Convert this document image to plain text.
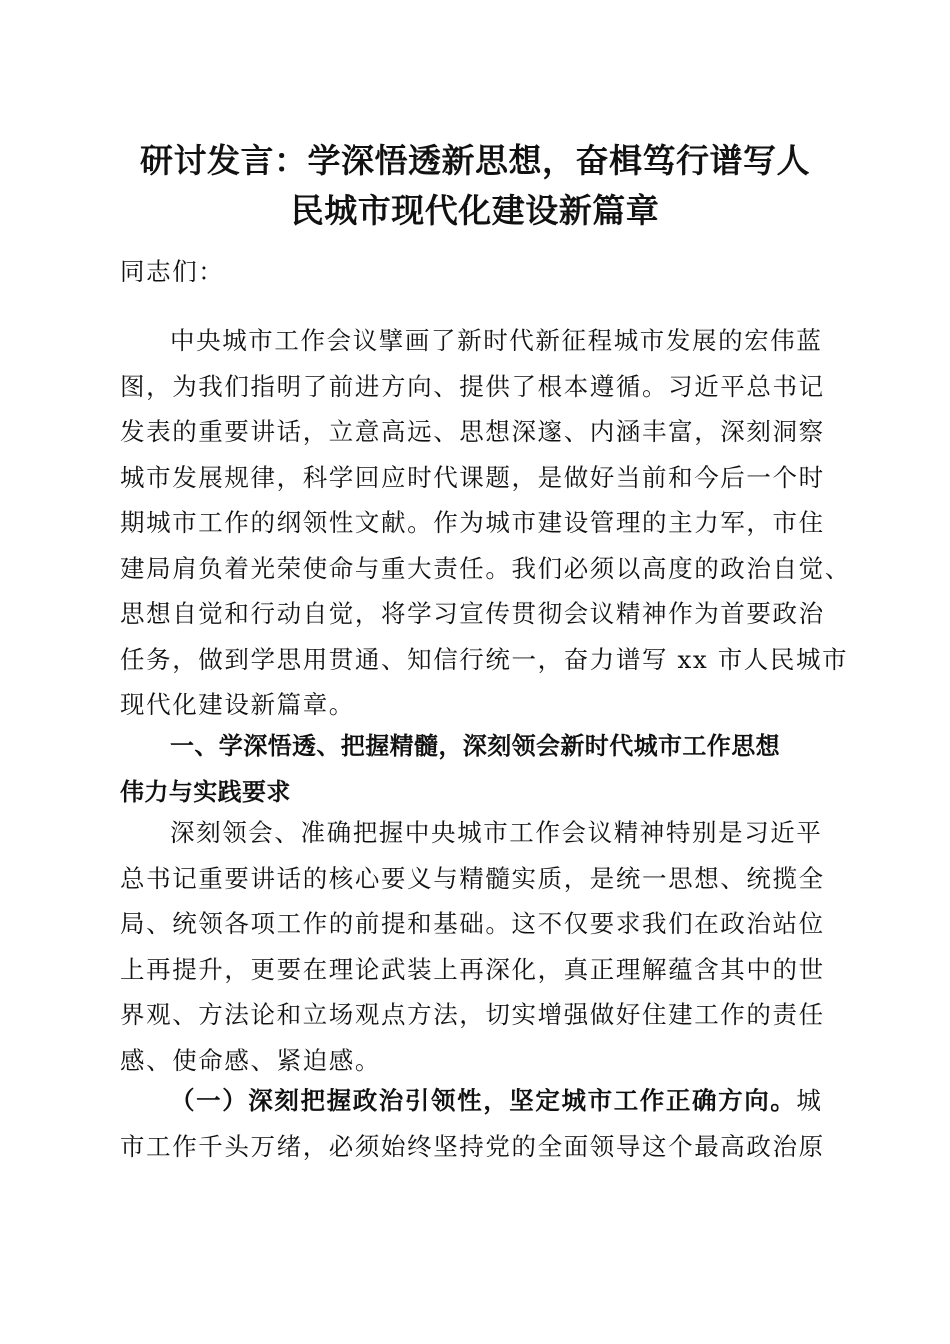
研讨发言：学深悟透新思想，奋楫笃行谱写人
民城市现代化建设新篇章

同志们：

中央城市工作会议擘画了新时代新征程城市发展的宏伟蓝
图，为我们指明了前进方向、提供了根本遵循。习近平总书记
发表的重要讲话，立意高远、思想深邃、内涵丰富，深刻洞察
城市发展规律，科学回应时代课题，是做好当前和今后一个时
期城市工作的纲领性文献。作为城市建设管理的主力军，市住
建局肩负着光荣使命与重大责任。我们必须以高度的政治自觉、
思想自觉和行动自觉，将学习宣传贯彻会议精神作为首要政治
任务，做到学思用贯通、知信行统一，奋力谱写 xx 市人民城市
现代化建设新篇章。

一、学深悟透、把握精髓，深刻领会新时代城市工作思想
伟力与实践要求

深刻领会、准确把握中央城市工作会议精神特别是习近平
总书记重要讲话的核心要义与精髓实质，是统一思想、统揽全
局、统领各项工作的前提和基础。这不仅要求我们在政治站位
上再提升，更要在理论武装上再深化，真正理解蕴含其中的世
界观、方法论和立场观点方法，切实增强做好住建工作的责任
感、使命感、紧迫感。

（一）深刻把握政治引领性，坚定城市工作正确方向。城
市工作千头万绪，必须始终坚持党的全面领导这个最高政治原
